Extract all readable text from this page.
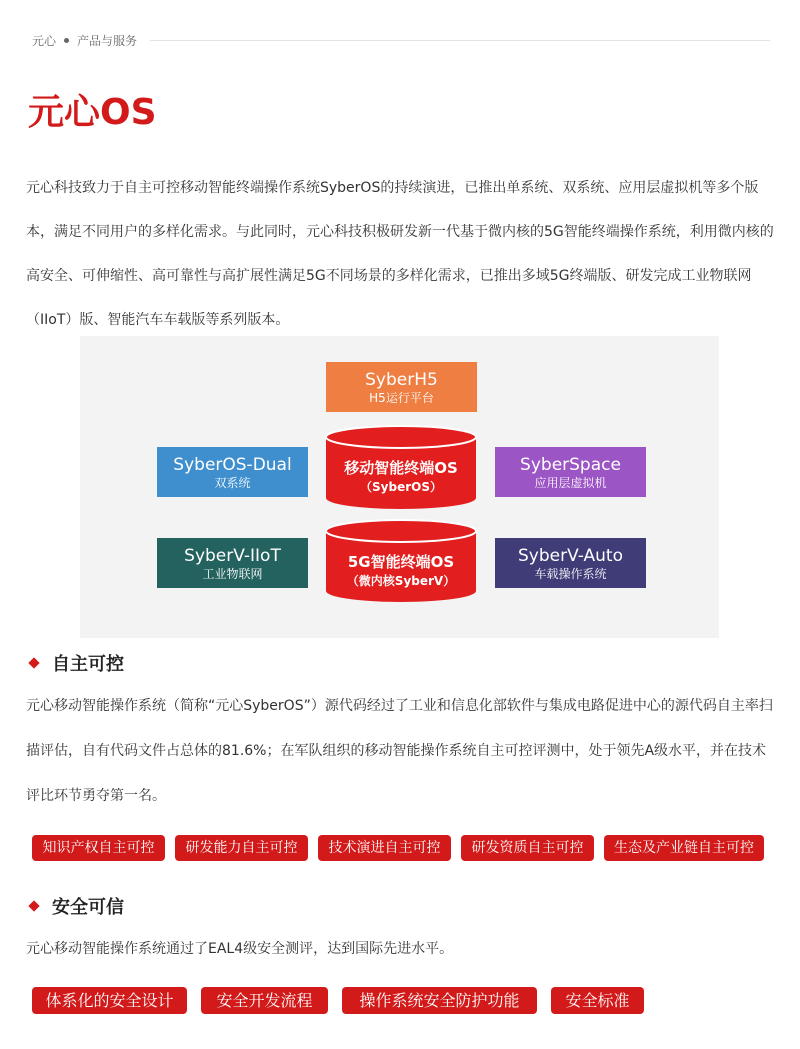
元心 产品与服务
元心OS

元心科技致力于自主可控移动智能终端操作系统SyberOS的持续演进，已推出单系统、双系统、应用层虚拟机等多个版本，满足不同用户的多样化需求。与此同时，元心科技积极研发新一代基于微内核的5G智能终端操作系统，利用微内核的高安全、可伸缩性、高可靠性与高扩展性满足5G不同场景的多样化需求，已推出多域5G终端版、研发完成工业物联网（IIoT）版、智能汽车车载版等系列版本。

SyberH5
H5运行平台
SyberOS-Dual
双系统
SyberSpace
应用层虚拟机
SyberV-IIoT
工业物联网
SyberV-Auto
车载操作系统
移动智能终端OS
（SyberOS）
5G智能终端OS
（微内核SyberV）
自主可控

元心移动智能操作系统（简称“元心SyberOS”）源代码经过了工业和信息化部软件与集成电路促进中心的源代码自主率扫描评估，自有代码文件占总体的81.6%；在军队组织的移动智能操作系统自主可控评测中，处于领先A级水平，并在技术评比环节勇夺第一名。

知识产权自主可控	研发能力自主可控	技术演进自主可控	研发资质自主可控	生态及产业链自主可控
安全可信

元心移动智能操作系统通过了EAL4级安全测评，达到国际先进水平。

体系化的安全设计	安全开发流程	操作系统安全防护功能	安全标准
